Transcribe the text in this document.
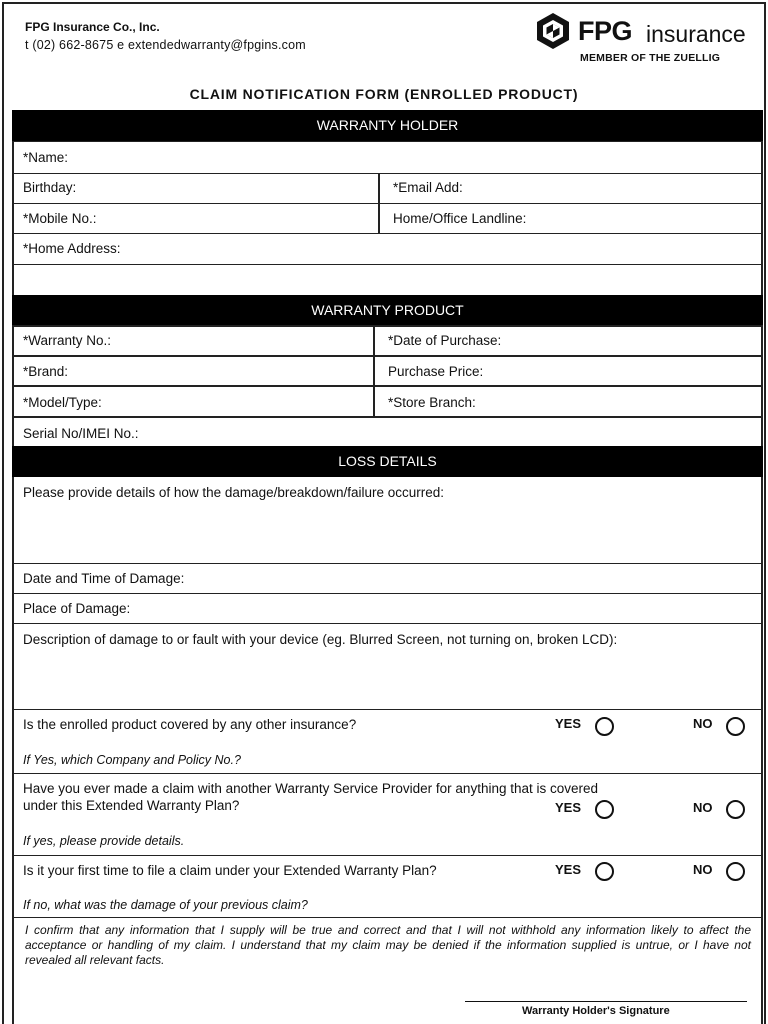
FPG Insurance Co., Inc.
t (02) 662-8675 e extendedwarranty@fpgins.com	FPG insurance
MEMBER OF THE ZUELLIG
CLAIM NOTIFICATION FORM (ENROLLED PRODUCT)
WARRANTY HOLDER
*Name:
Birthday:	*Email Add:
*Mobile No.:	Home/Office Landline:
*Home Address:
WARRANTY PRODUCT
*Warranty No.:	*Date of Purchase:
*Brand:	Purchase Price:
*Model/Type:	*Store Branch:
Serial No/IMEI No.:
LOSS DETAILS
Please provide details of how the damage/breakdown/failure occurred:
Date and Time of Damage:
Place of Damage:
Description of damage to or fault with your device (eg. Blurred Screen, not turning on, broken LCD):
Is the enrolled product covered by any other insurance?
If Yes, which Company and Policy No.?
YES	NO
Have you ever made a claim with another Warranty Service Provider for anything that is covered
under this Extended Warranty Plan?
If yes, please provide details.
YES	NO
Is it your first time to file a claim under your Extended Warranty Plan?
If no, what was the damage of your previous claim?
YES	NO
I confirm that any information that I supply will be true and correct and that I will not withhold any information likely to affect the acceptance or handling of my claim. I understand that my claim may be denied if the information supplied is untrue, or I have not revealed all relevant facts.
Warranty Holder's Signature
